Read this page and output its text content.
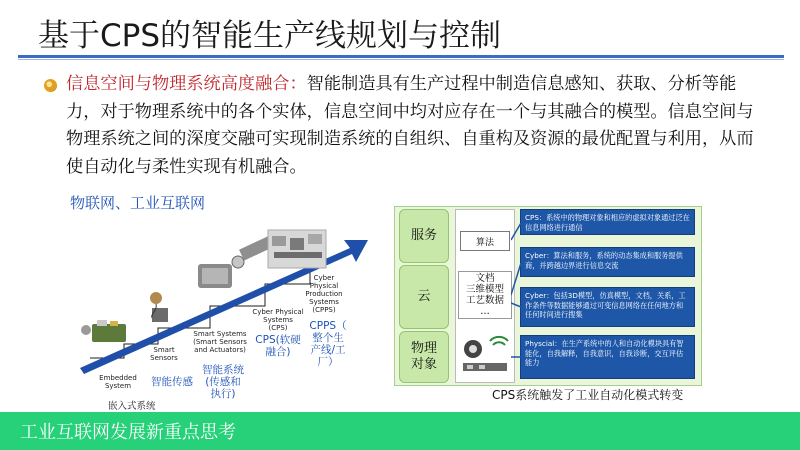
基于CPS的智能生产线规划与控制
信息空间与物理系统高度融合：智能制造具有生产过程中制造信息感知、获取、分析等能力，对于物理系统中的各个实体，信息空间中均对应存在一个与其融合的模型。信息空间与物理系统之间的深度交融可实现制造系统的自组织、自重构及资源的最优配置与利用，从而使自动化与柔性实现有机融合。
物联网、工业互联网
Embedded
System
Smart
Sensors
Smart Systems
(Smart Sensors
and Actuators)
Cyber Physical
Systems
(CPS)
Cyber
Physical
Production
Systems
(CPPS)
嵌入式系统
智能传感
智能系统
(传感和
执行)
CPS(软硬
融合)
CPPS（
整个生
产线/工
厂）
服务
云
物理
对象
算法
文档
三维模型
工艺数据
…
CPS：系统中的物理对象和相应的虚拟对象通过泛在信息网络进行通信
Cyber：算法和服务，系统的动态集成和服务提供商，并跨越边界进行信息交流
Cyber：包括3D模型，仿真模型，文档，关系，工作条件等数据能够通过可变信息网络在任何地方和任何时间进行搜集
Physcial：在生产系统中的人和自动化模块具有智能化，自我解释，自我意识，自我诊断，交互评估能力
CPS系统触发了工业自动化模式转变
工业互联网发展新重点思考
